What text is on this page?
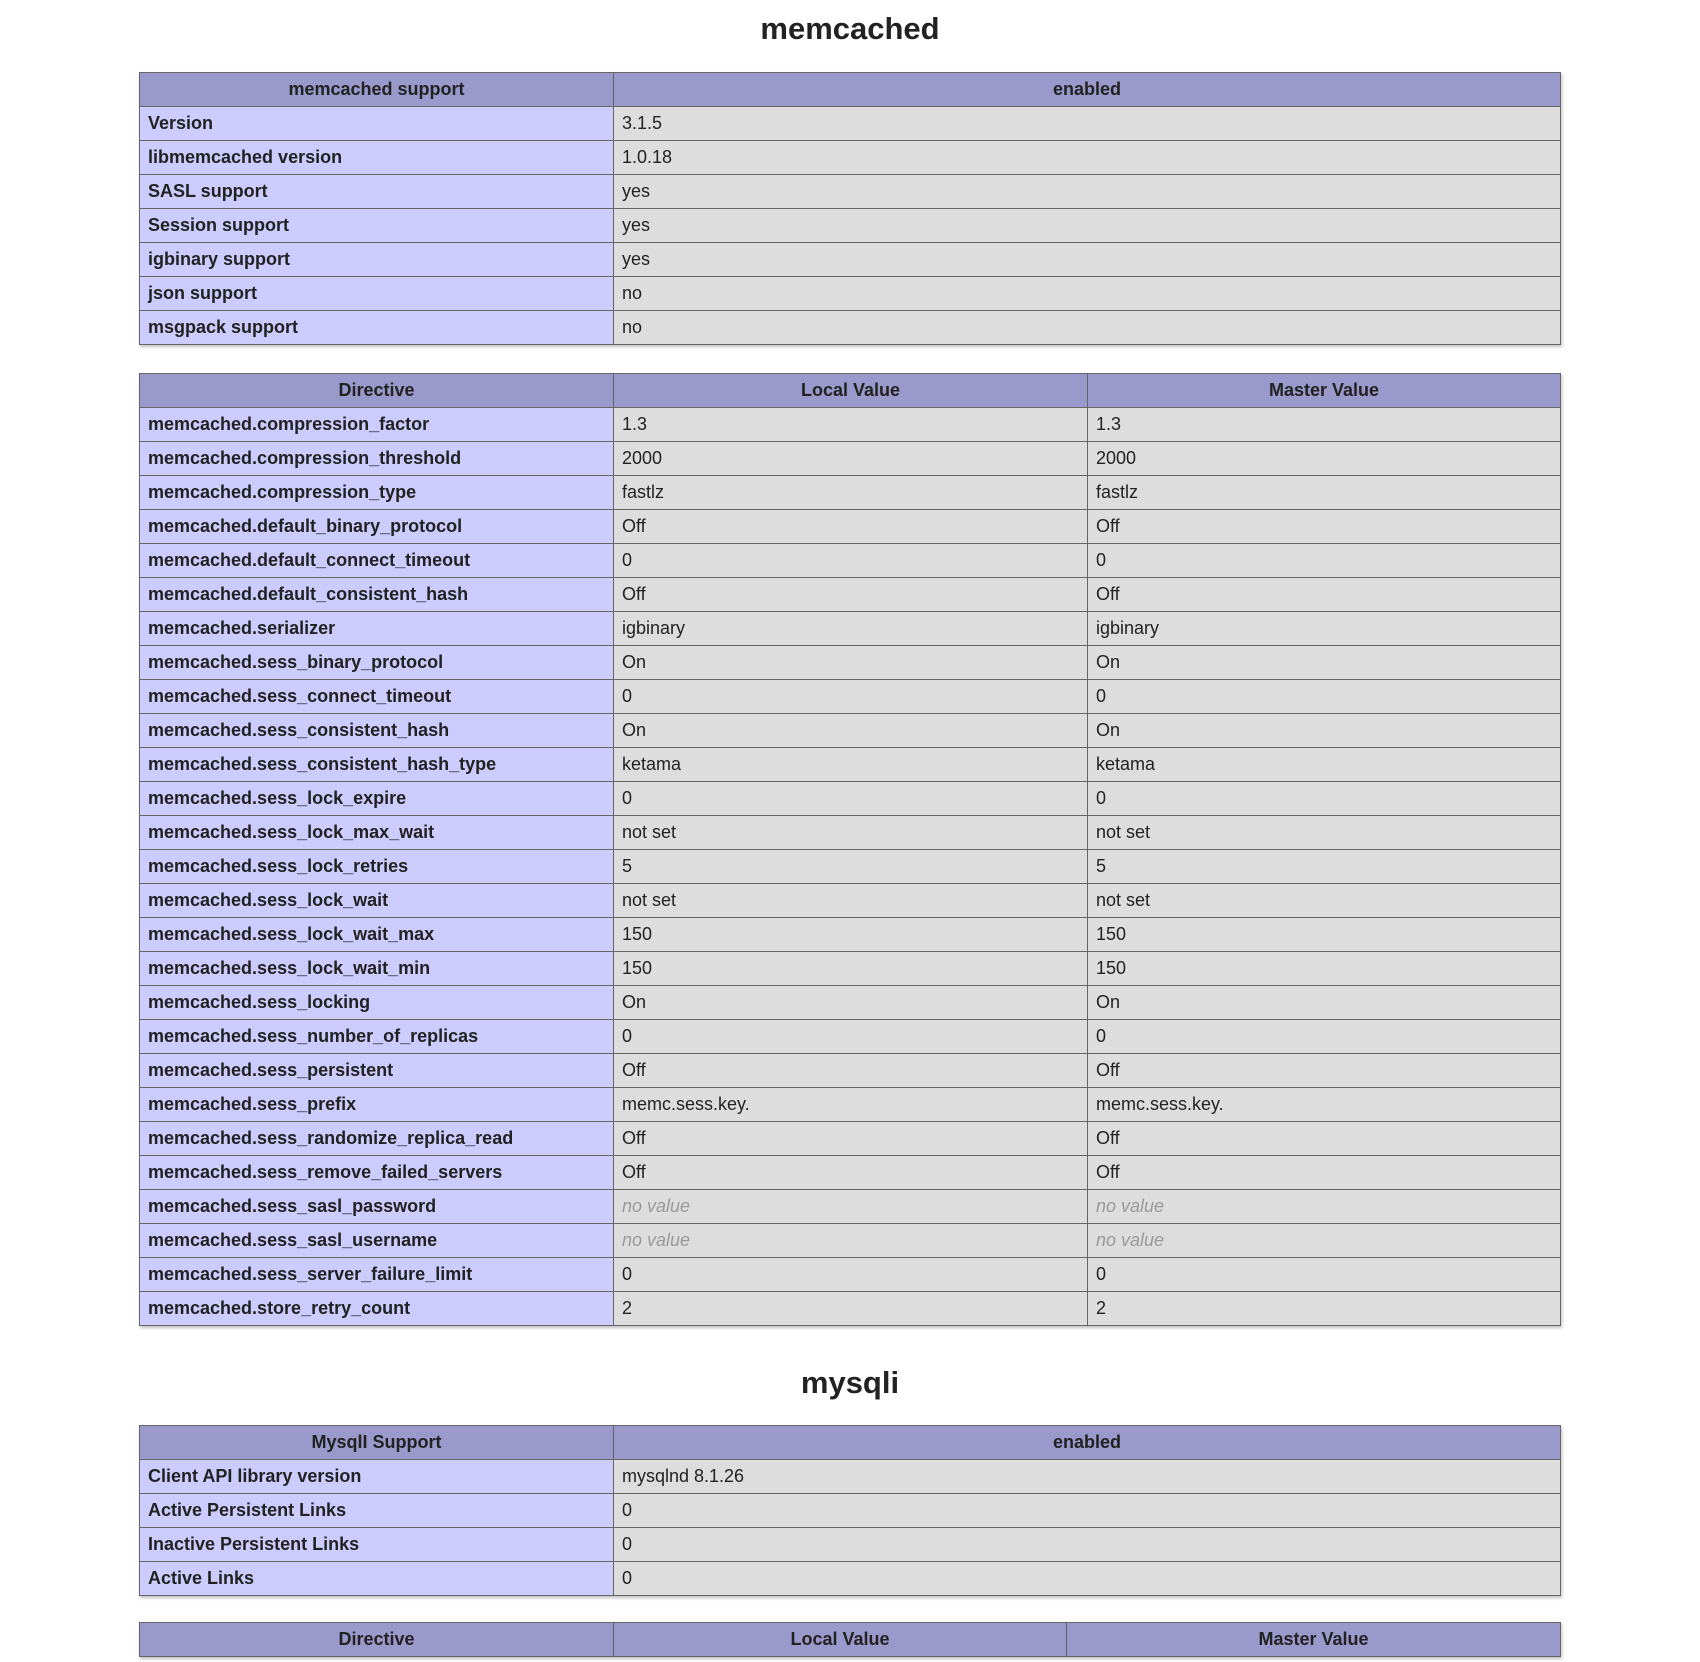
memcached
memcached support	enabled
Version	3.1.5
libmemcached version	1.0.18
SASL support	yes
Session support	yes
igbinary support	yes
json support	no
msgpack support	no
Directive	Local Value	Master Value
memcached.compression_factor	1.3	1.3
memcached.compression_threshold	2000	2000
memcached.compression_type	fastlz	fastlz
memcached.default_binary_protocol	Off	Off
memcached.default_connect_timeout	0	0
memcached.default_consistent_hash	Off	Off
memcached.serializer	igbinary	igbinary
memcached.sess_binary_protocol	On	On
memcached.sess_connect_timeout	0	0
memcached.sess_consistent_hash	On	On
memcached.sess_consistent_hash_type	ketama	ketama
memcached.sess_lock_expire	0	0
memcached.sess_lock_max_wait	not set	not set
memcached.sess_lock_retries	5	5
memcached.sess_lock_wait	not set	not set
memcached.sess_lock_wait_max	150	150
memcached.sess_lock_wait_min	150	150
memcached.sess_locking	On	On
memcached.sess_number_of_replicas	0	0
memcached.sess_persistent	Off	Off
memcached.sess_prefix	memc.sess.key.	memc.sess.key.
memcached.sess_randomize_replica_read	Off	Off
memcached.sess_remove_failed_servers	Off	Off
memcached.sess_sasl_password	no value	no value
memcached.sess_sasl_username	no value	no value
memcached.sess_server_failure_limit	0	0
memcached.store_retry_count	2	2
mysqli
MysqlI Support	enabled
Client API library version	mysqlnd 8.1.26
Active Persistent Links	0
Inactive Persistent Links	0
Active Links	0
Directive	Local Value	Master Value
